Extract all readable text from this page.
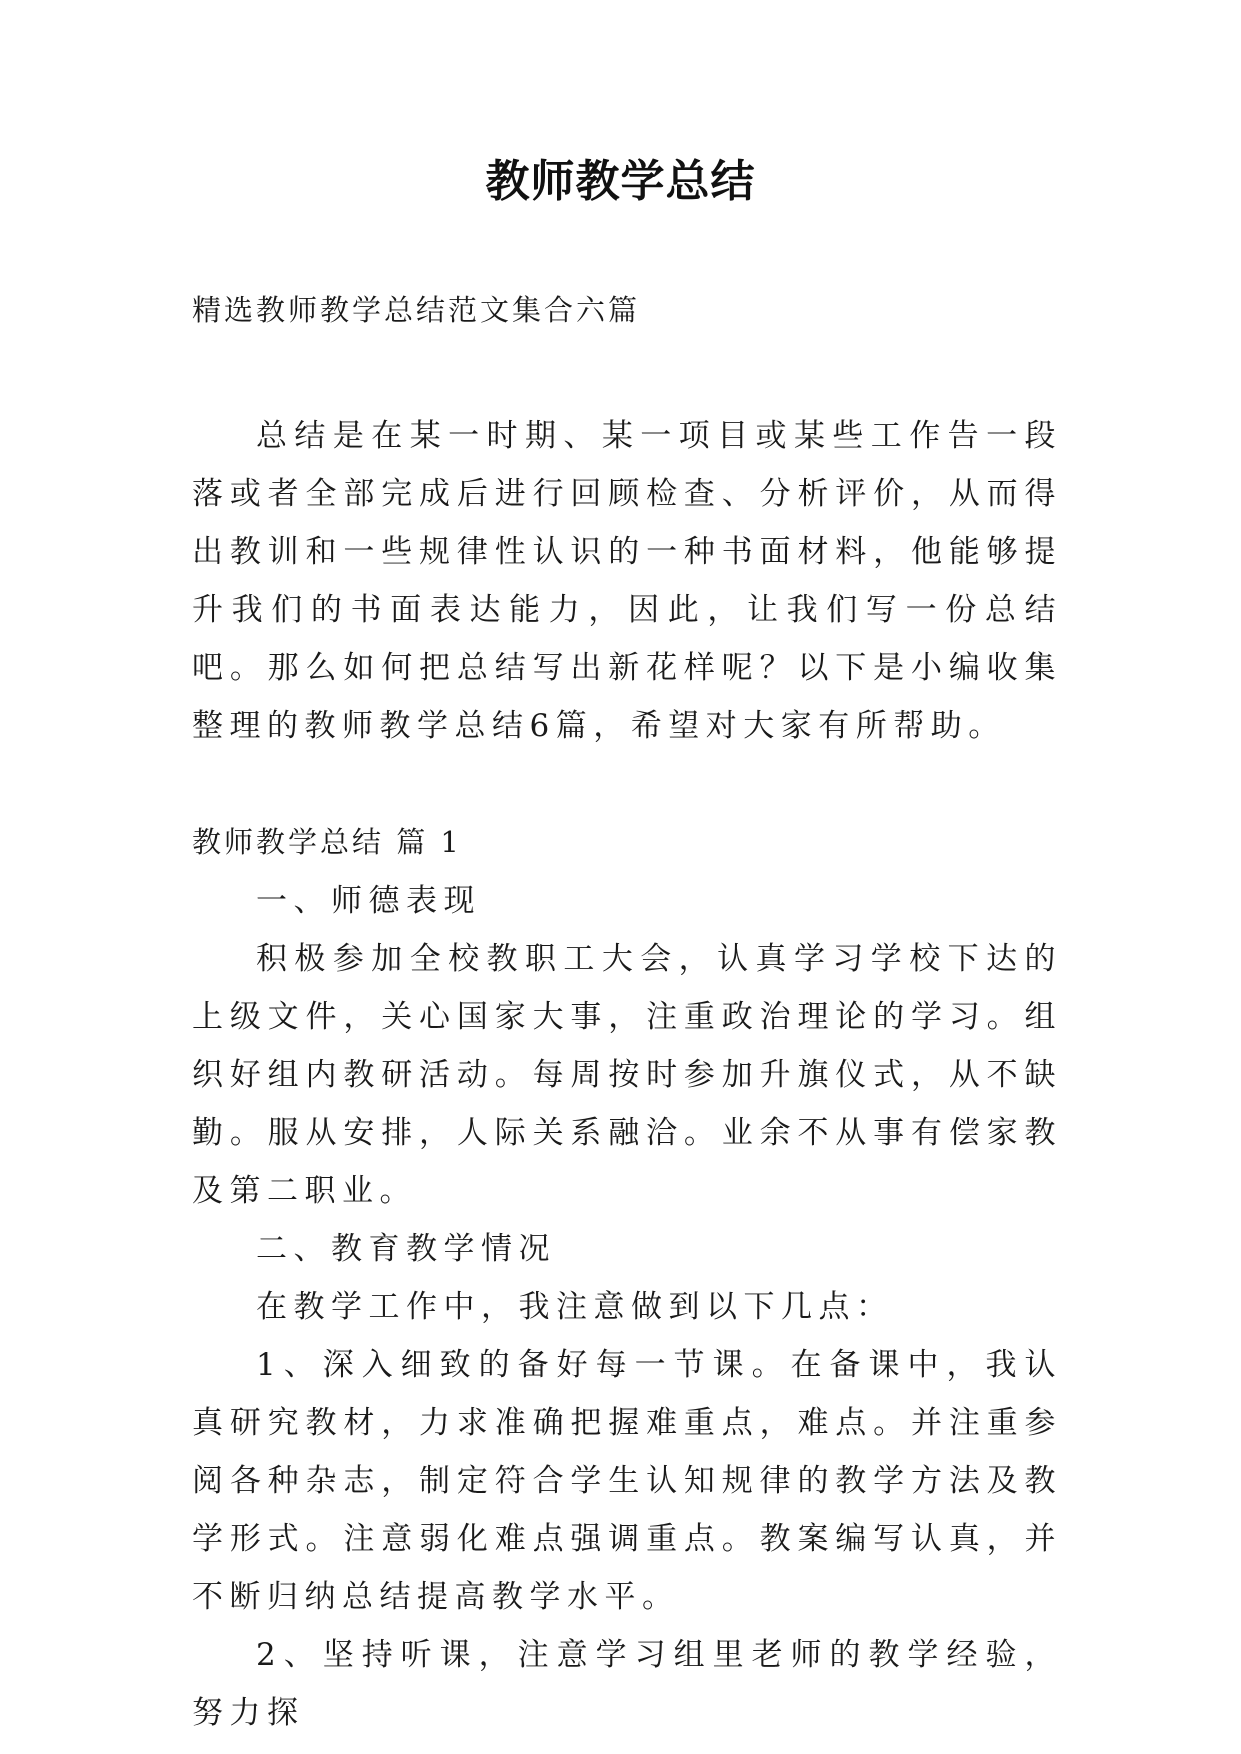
教师教学总结

精选教师教学总结范文集合六篇

总结是在某一时期、某一项目或某些工作告一段落或者全部完成后进行回顾检查、分析评价，从而得出教训和一些规律性认识的一种书面材料，他能够提升我们的书面表达能力，因此，让我们写一份总结吧。那么如何把总结写出新花样呢？以下是小编收集整理的教师教学总结6篇，希望对大家有所帮助。

教师教学总结 篇 1

一、师德表现

积极参加全校教职工大会，认真学习学校下达的上级文件，关心国家大事，注重政治理论的学习。组织好组内教研活动。每周按时参加升旗仪式，从不缺勤。服从安排，人际关系融洽。业余不从事有偿家教及第二职业。

二、教育教学情况

在教学工作中，我注意做到以下几点：

1、深入细致的备好每一节课。在备课中，我认真研究教材，力求准确把握难重点，难点。并注重参阅各种杂志，制定符合学生认知规律的教学方法及教学形式。注意弱化难点强调重点。教案编写认真，并不断归纳总结提高教学水平。

2、坚持听课，注意学习组里老师的教学经验，努力探
